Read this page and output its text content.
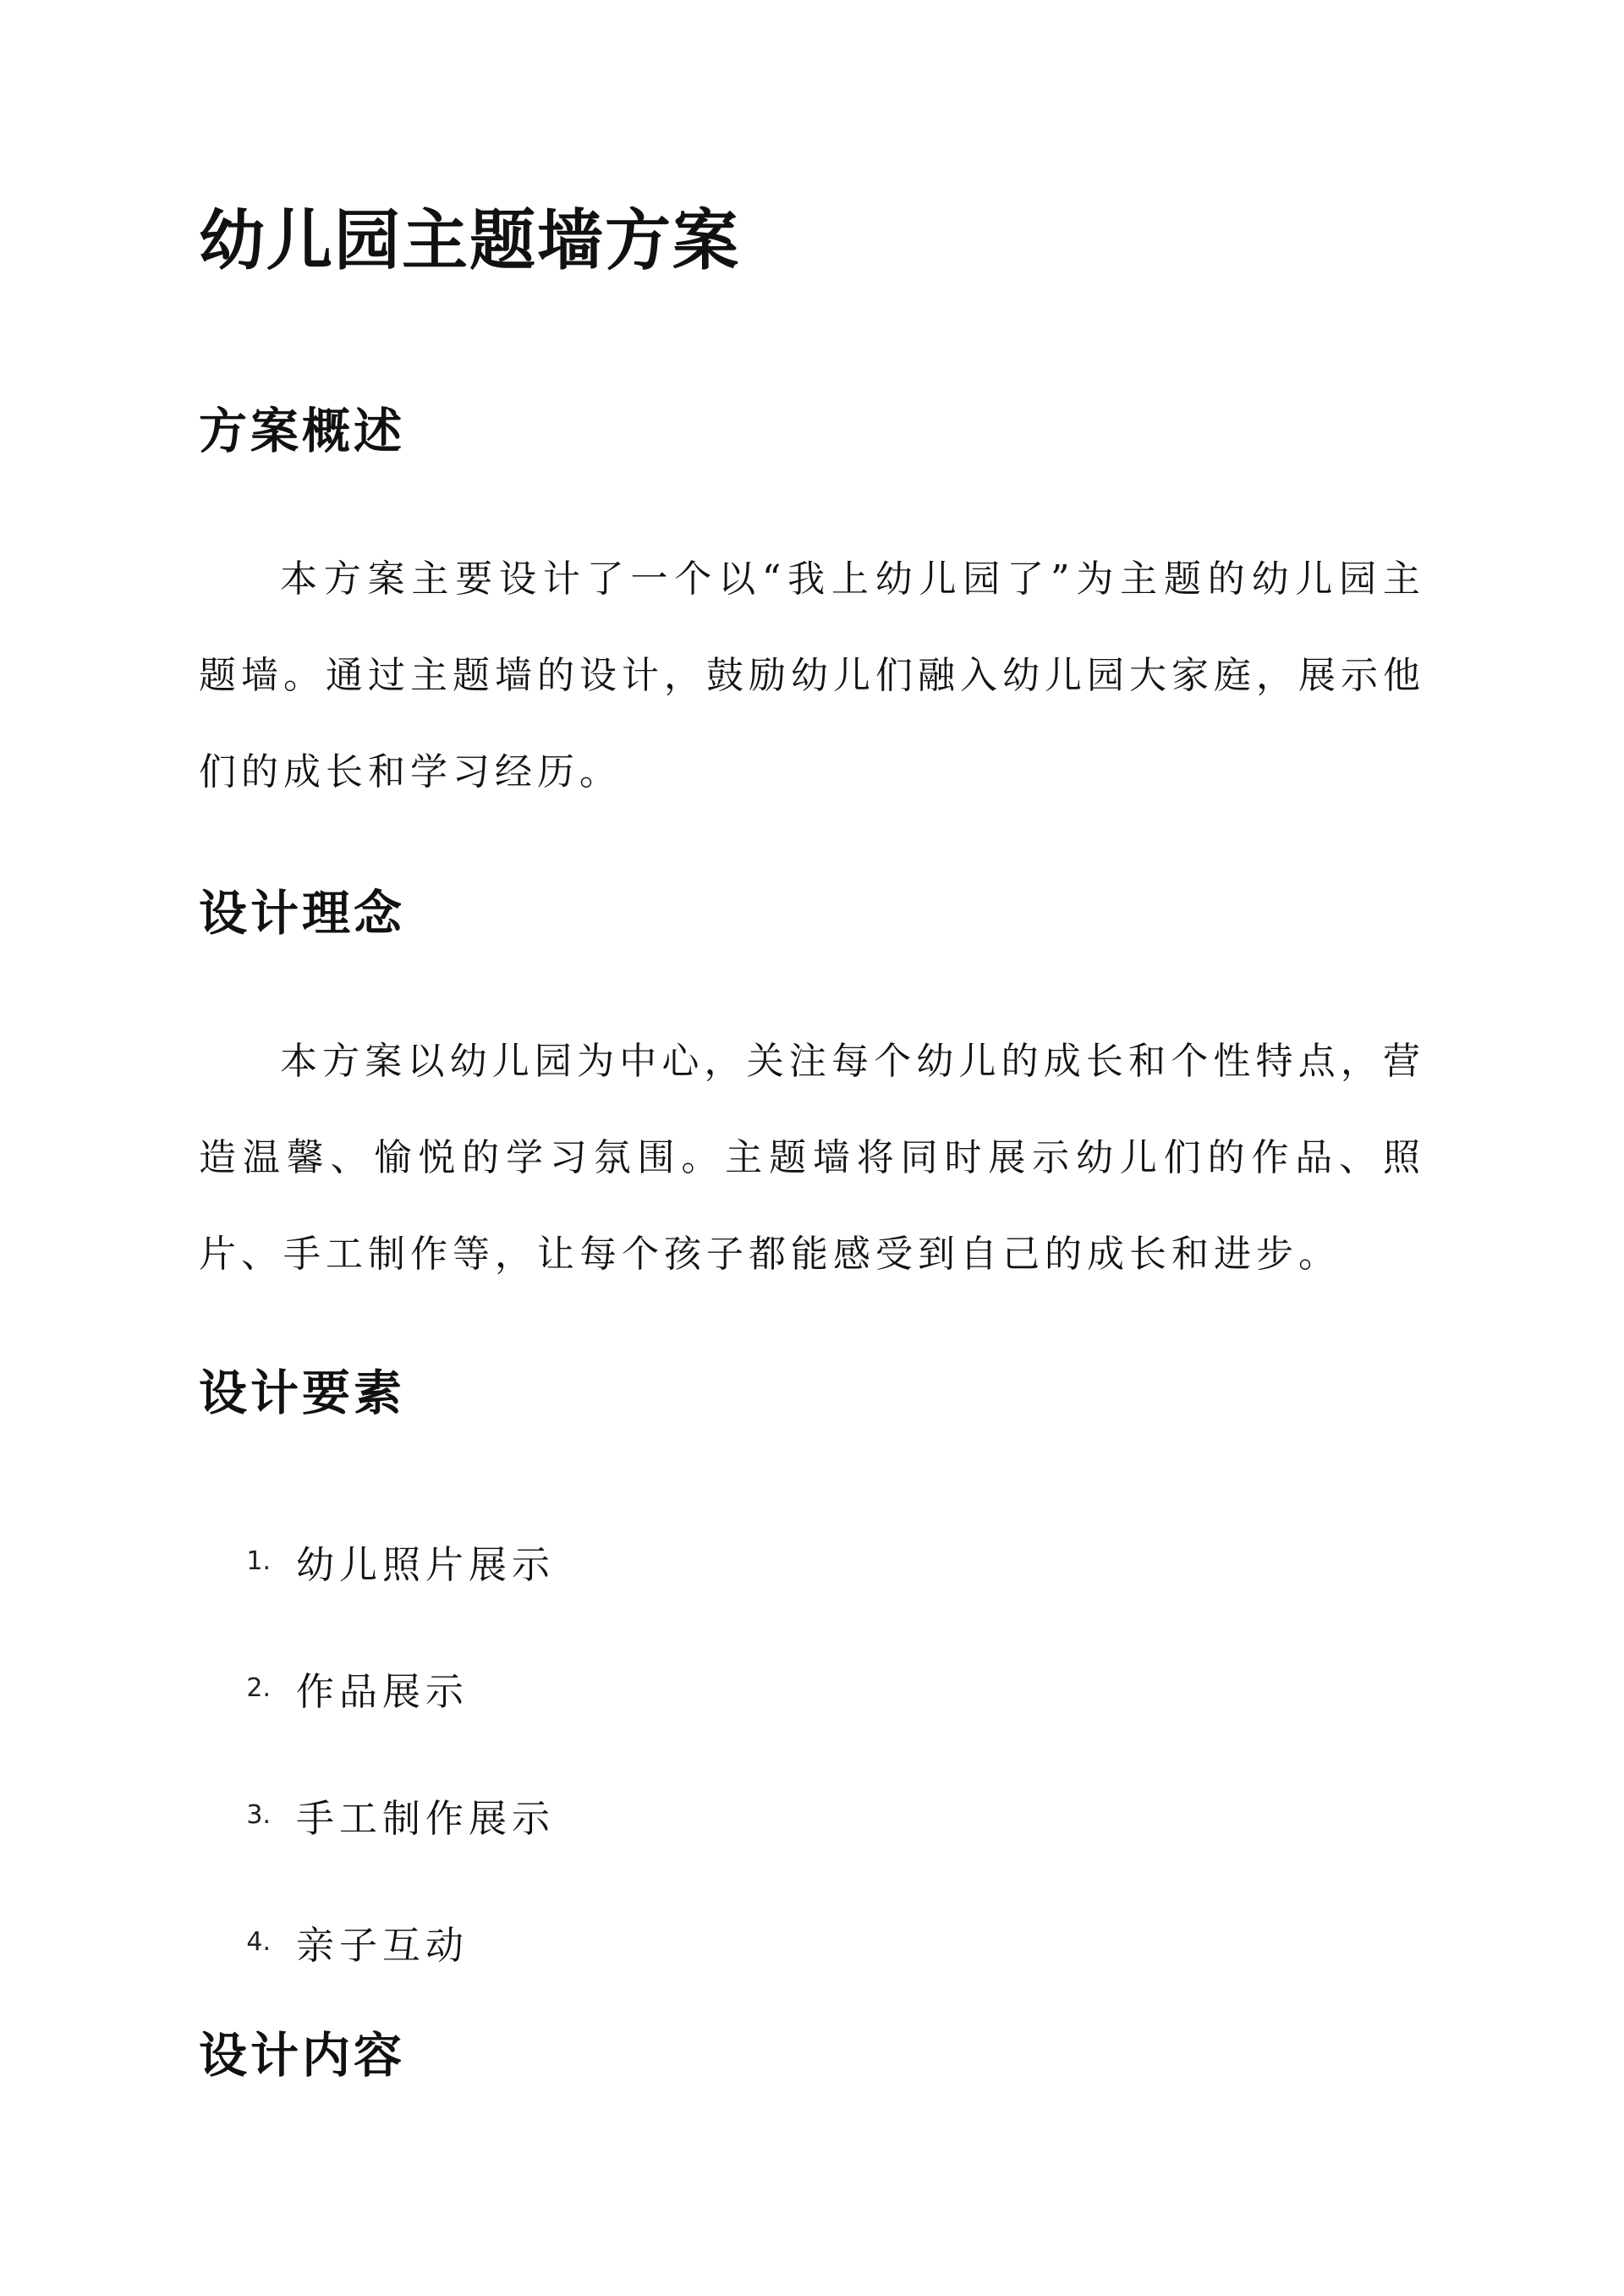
幼儿园主题墙方案
方案概述

本方案主要设计了一个以“我上幼儿园了”为主题的幼儿园主题墙。通过主题墙的设计，鼓励幼儿们融入幼儿园大家庭，展示他们的成长和学习经历。

设计理念

本方案以幼儿园为中心，关注每个幼儿的成长和个性特点，营造温馨、愉悦的学习氛围。主题墙将同时展示幼儿们的作品、照片、手工制作等，让每个孩子都能感受到自己的成长和进步。

设计要素
1. 幼儿照片展示
2. 作品展示
3. 手工制作展示
4. 亲子互动
设计内容
